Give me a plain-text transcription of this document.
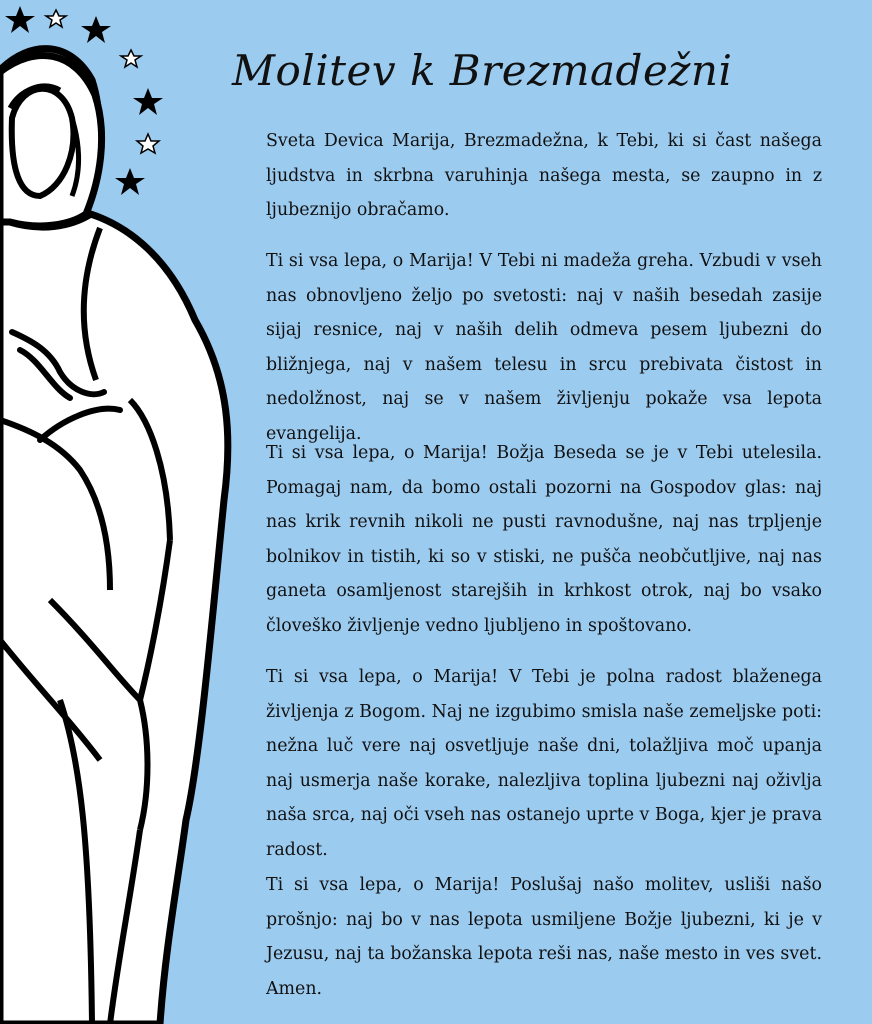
Molitev k Brezmadežni

Sveta Devica Marija, Brezmadežna, k Tebi, ki si čast našega ljudstva in skrbna varuhinja našega mesta, se zaupno in z ljubeznijo obračamo.

Ti si vsa lepa, o Marija! V Tebi ni madeža greha. Vzbudi v vseh nas obnovljeno željo po svetosti: naj v naših besedah zasije sijaj resnice, naj v naših delih odmeva pesem ljubezni do bližnjega, naj v našem telesu in srcu prebivata čistost in nedolžnost, naj se v našem življenju pokaže vsa lepota evangelija.

Ti si vsa lepa, o Marija! Božja Beseda se je v Tebi utelesila. Pomagaj nam, da bomo ostali pozorni na Gospodov glas: naj nas krik revnih nikoli ne pusti ravnodušne, naj nas trpljenje bolnikov in tistih, ki so v stiski, ne pušča neobčutljive, naj nas ganeta osamljenost starejših in krhkost otrok, naj bo vsako človeško življenje vedno ljubljeno in spoštovano.

Ti si vsa lepa, o Marija! V Tebi je polna radost blaženega življenja z Bogom. Naj ne izgubimo smisla naše zemeljske poti: nežna luč vere naj osvetljuje naše dni, tolažljiva moč upanja naj usmerja naše korake, nalezljiva toplina ljubezni naj oživlja naša srca, naj oči vseh nas ostanejo uprte v Boga, kjer je prava radost.

Ti si vsa lepa, o Marija! Poslušaj našo molitev, usliši našo prošnjo: naj bo v nas lepota usmiljene Božje ljubezni, ki je v Jezusu, naj ta božanska lepota reši nas, naše mesto in ves svet. Amen.
